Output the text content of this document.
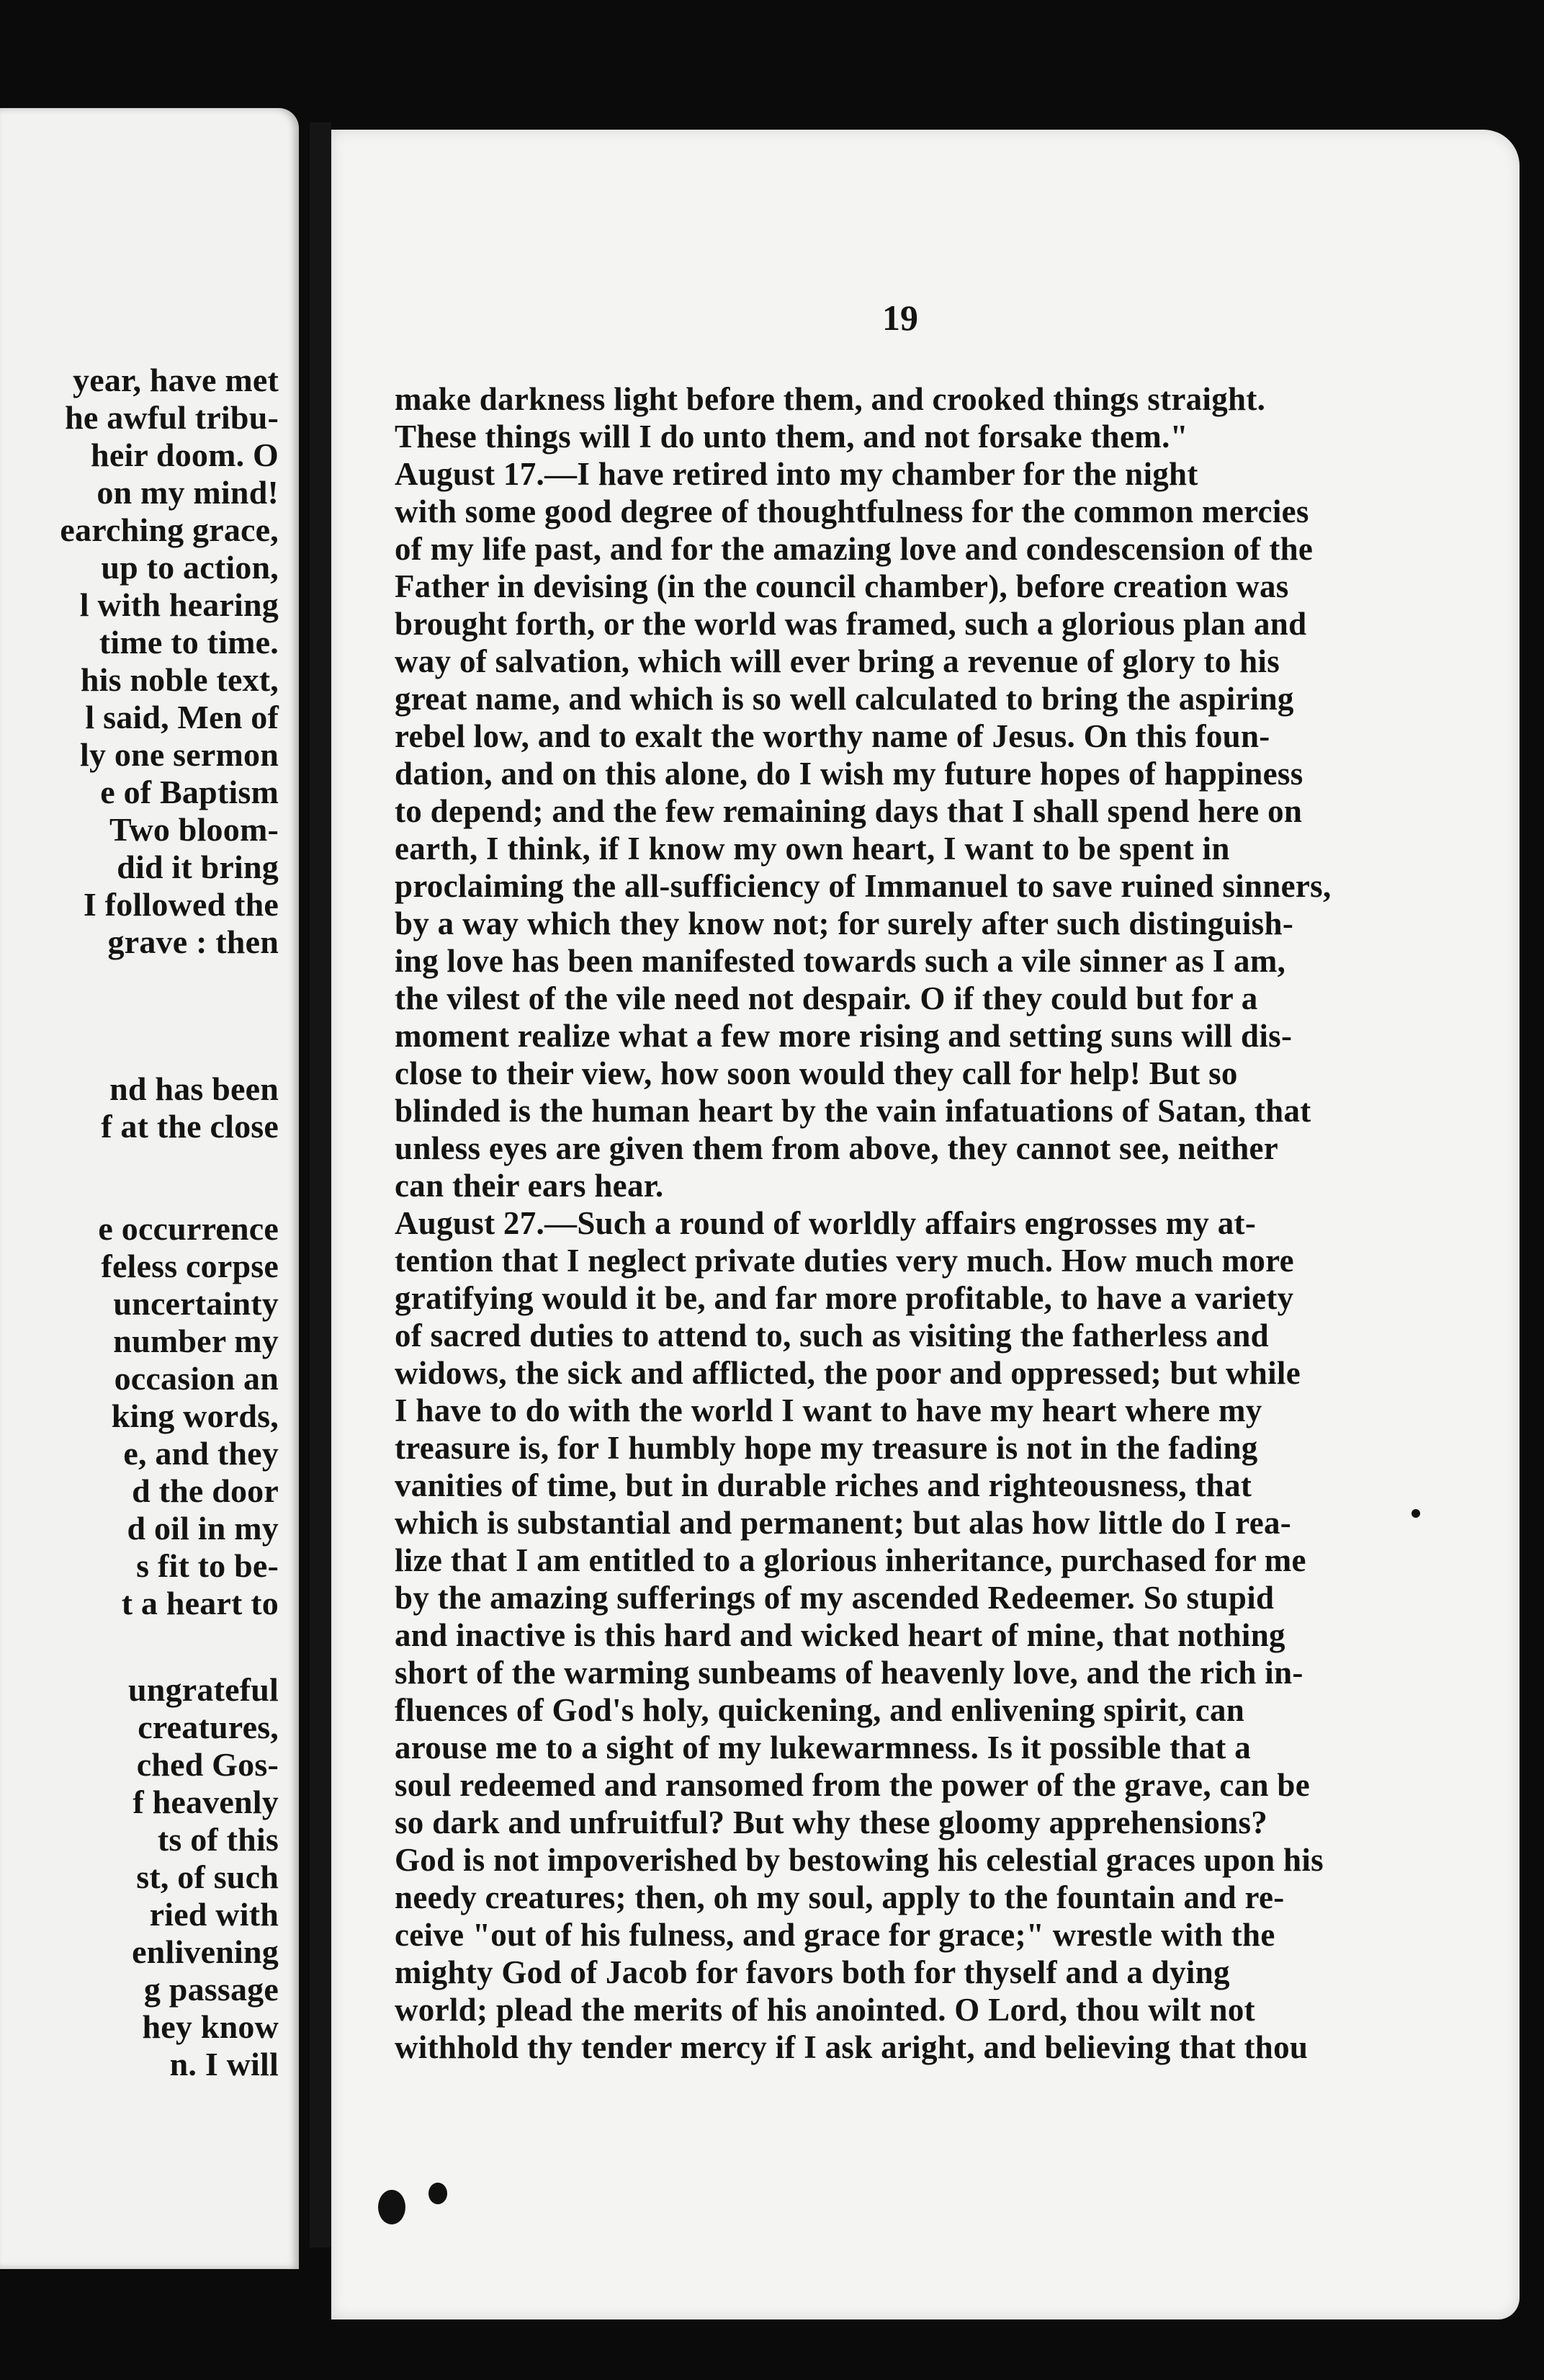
year, have met
he awful tribu-
heir doom. O
on my mind!
earching grace,
up to action,
l with hearing
time to time.
his noble text,
l said, Men of
ly one sermon
e of Baptism
Two bloom-
did it bring
I followed the
grave : then
nd has been
f at the close
e occurrence
feless corpse
uncertainty
number my
occasion an
king words,
e, and they
d the door
d oil in my
s fit to be-
t a heart to
ungrateful
creatures,
ched Gos-
f heavenly
ts of this
st, of such
ried with
enlivening
g passage
hey know
n. I will
19
make darkness light before them, and crooked things straight.
These things will I do unto them, and not forsake them."
August 17.—I have retired into my chamber for the night
with some good degree of thoughtfulness for the common mercies
of my life past, and for the amazing love and condescension of the
Father in devising (in the council chamber), before creation was
brought forth, or the world was framed, such a glorious plan and
way of salvation, which will ever bring a revenue of glory to his
great name, and which is so well calculated to bring the aspiring
rebel low, and to exalt the worthy name of Jesus. On this foun-
dation, and on this alone, do I wish my future hopes of happiness
to depend; and the few remaining days that I shall spend here on
earth, I think, if I know my own heart, I want to be spent in
proclaiming the all-sufficiency of Immanuel to save ruined sinners,
by a way which they know not; for surely after such distinguish-
ing love has been manifested towards such a vile sinner as I am,
the vilest of the vile need not despair. O if they could but for a
moment realize what a few more rising and setting suns will dis-
close to their view, how soon would they call for help! But so
blinded is the human heart by the vain infatuations of Satan, that
unless eyes are given them from above, they cannot see, neither
can their ears hear.
August 27.—Such a round of worldly affairs engrosses my at-
tention that I neglect private duties very much. How much more
gratifying would it be, and far more profitable, to have a variety
of sacred duties to attend to, such as visiting the fatherless and
widows, the sick and afflicted, the poor and oppressed; but while
I have to do with the world I want to have my heart where my
treasure is, for I humbly hope my treasure is not in the fading
vanities of time, but in durable riches and righteousness, that
which is substantial and permanent; but alas how little do I rea-
lize that I am entitled to a glorious inheritance, purchased for me
by the amazing sufferings of my ascended Redeemer. So stupid
and inactive is this hard and wicked heart of mine, that nothing
short of the warming sunbeams of heavenly love, and the rich in-
fluences of God's holy, quickening, and enlivening spirit, can
arouse me to a sight of my lukewarmness. Is it possible that a
soul redeemed and ransomed from the power of the grave, can be
so dark and unfruitful? But why these gloomy apprehensions?
God is not impoverished by bestowing his celestial graces upon his
needy creatures; then, oh my soul, apply to the fountain and re-
ceive "out of his fulness, and grace for grace;" wrestle with the
mighty God of Jacob for favors both for thyself and a dying
world; plead the merits of his anointed. O Lord, thou wilt not
withhold thy tender mercy if I ask aright, and believing that thou
